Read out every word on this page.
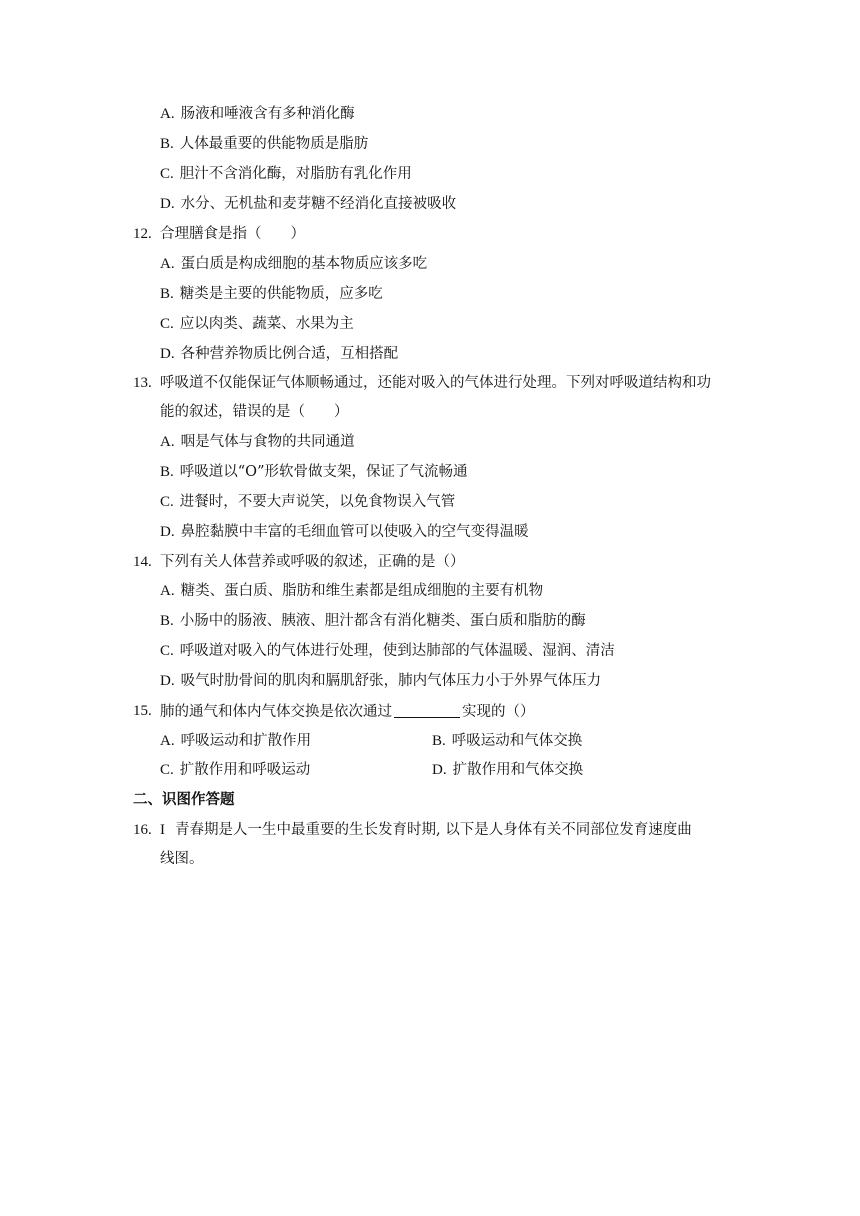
A. 肠液和唾液含有多种消化酶
B. 人体最重要的供能物质是脂肪
C. 胆汁不含消化酶，对脂肪有乳化作用
D. 水分、无机盐和麦芽糖不经消化直接被吸收
12. 合理膳食是指（　　）
A. 蛋白质是构成细胞的基本物质应该多吃
B. 糖类是主要的供能物质，应多吃
C. 应以肉类、蔬菜、水果为主
D. 各种营养物质比例合适，互相搭配
13. 呼吸道不仅能保证气体顺畅通过，还能对吸入的气体进行处理。下列对呼吸道结构和功
能的叙述，错误的是（　　）
A. 咽是气体与食物的共同通道
B. 呼吸道以“O”形软骨做支架，保证了气流畅通
C. 进餐时，不要大声说笑，以免食物误入气管
D. 鼻腔黏膜中丰富的毛细血管可以使吸入的空气变得温暖
14. 下列有关人体营养或呼吸的叙述，正确的是（）
A. 糖类、蛋白质、脂肪和维生素都是组成细胞的主要有机物
B. 小肠中的肠液、胰液、胆汁都含有消化糖类、蛋白质和脂肪的酶
C. 呼吸道对吸入的气体进行处理，使到达肺部的气体温暖、湿润、清洁
D. 吸气时肋骨间的肌肉和膈肌舒张，肺内气体压力小于外界气体压力
15. 肺的通气和体内气体交换是依次通过	实现的（）
A. 呼吸运动和扩散作用	B. 呼吸运动和气体交换
C. 扩散作用和呼吸运动	D. 扩散作用和气体交换
二、识图作答题
16. I 青春期是人一生中最重要的生长发育时期, 以下是人身体有关不同部位发育速度曲
线图。
